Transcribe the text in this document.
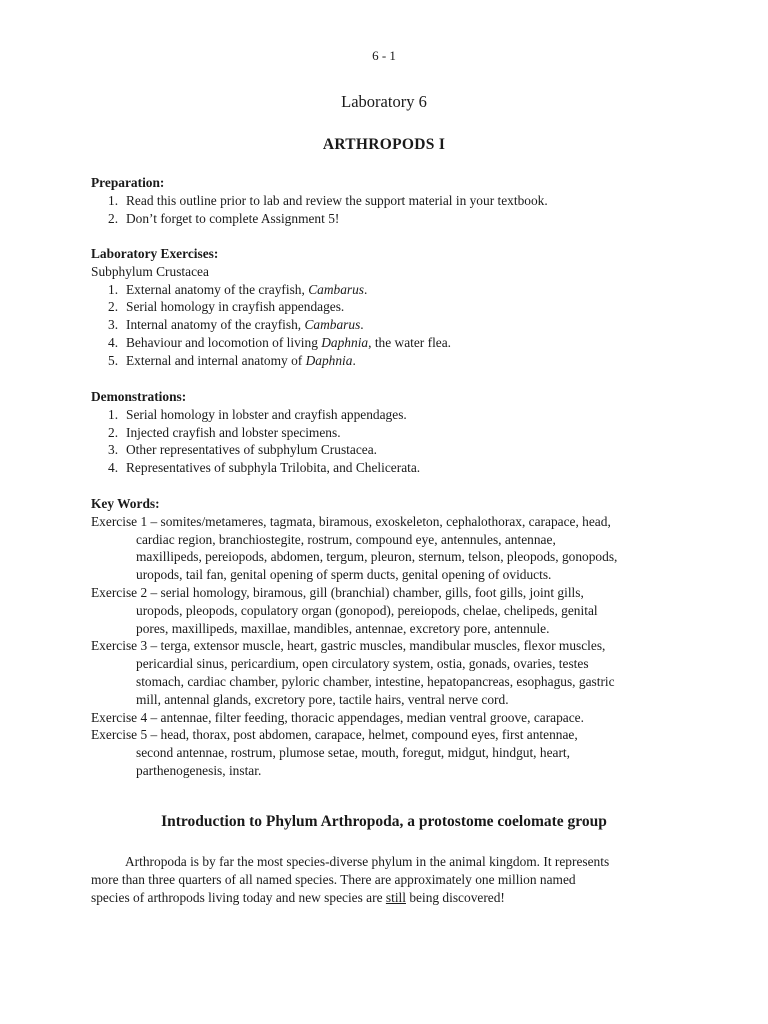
6 - 1
Laboratory 6
ARTHROPODS I
Preparation:
1. Read this outline prior to lab and review the support material in your textbook.
2. Don’t forget to complete Assignment 5!
Laboratory Exercises:
Subphylum Crustacea
1. External anatomy of the crayfish, Cambarus.
2. Serial homology in crayfish appendages.
3. Internal anatomy of the crayfish, Cambarus.
4. Behaviour and locomotion of living Daphnia, the water flea.
5. External and internal anatomy of Daphnia.
Demonstrations:
1. Serial homology in lobster and crayfish appendages.
2. Injected crayfish and lobster specimens.
3. Other representatives of subphylum Crustacea.
4. Representatives of subphyla Trilobita, and Chelicerata.
Key Words:
Exercise 1 – somites/metameres, tagmata, biramous, exoskeleton, cephalothorax, carapace, head,
cardiac region, branchiostegite, rostrum, compound eye, antennules, antennae,
maxillipeds, pereiopods, abdomen, tergum, pleuron, sternum, telson, pleopods, gonopods,
uropods, tail fan, genital opening of sperm ducts, genital opening of oviducts.
Exercise 2 – serial homology, biramous, gill (branchial) chamber, gills, foot gills, joint gills,
uropods, pleopods, copulatory organ (gonopod), pereiopods, chelae, chelipeds, genital
pores, maxillipeds, maxillae, mandibles, antennae, excretory pore, antennule.
Exercise 3 – terga, extensor muscle, heart, gastric muscles, mandibular muscles, flexor muscles,
pericardial sinus, pericardium, open circulatory system, ostia, gonads, ovaries, testes
stomach, cardiac chamber, pyloric chamber, intestine, hepatopancreas, esophagus, gastric
mill, antennal glands, excretory pore, tactile hairs, ventral nerve cord.
Exercise 4 – antennae, filter feeding, thoracic appendages, median ventral groove, carapace.
Exercise 5 – head, thorax, post abdomen, carapace, helmet, compound eyes, first antennae,
second antennae, rostrum, plumose setae, mouth, foregut, midgut, hindgut, heart,
parthenogenesis, instar.
Introduction to Phylum Arthropoda, a protostome coelomate group
Arthropoda is by far the most species-diverse phylum in the animal kingdom. It represents
more than three quarters of all named species. There are approximately one million named
species of arthropods living today and new species are still being discovered!
